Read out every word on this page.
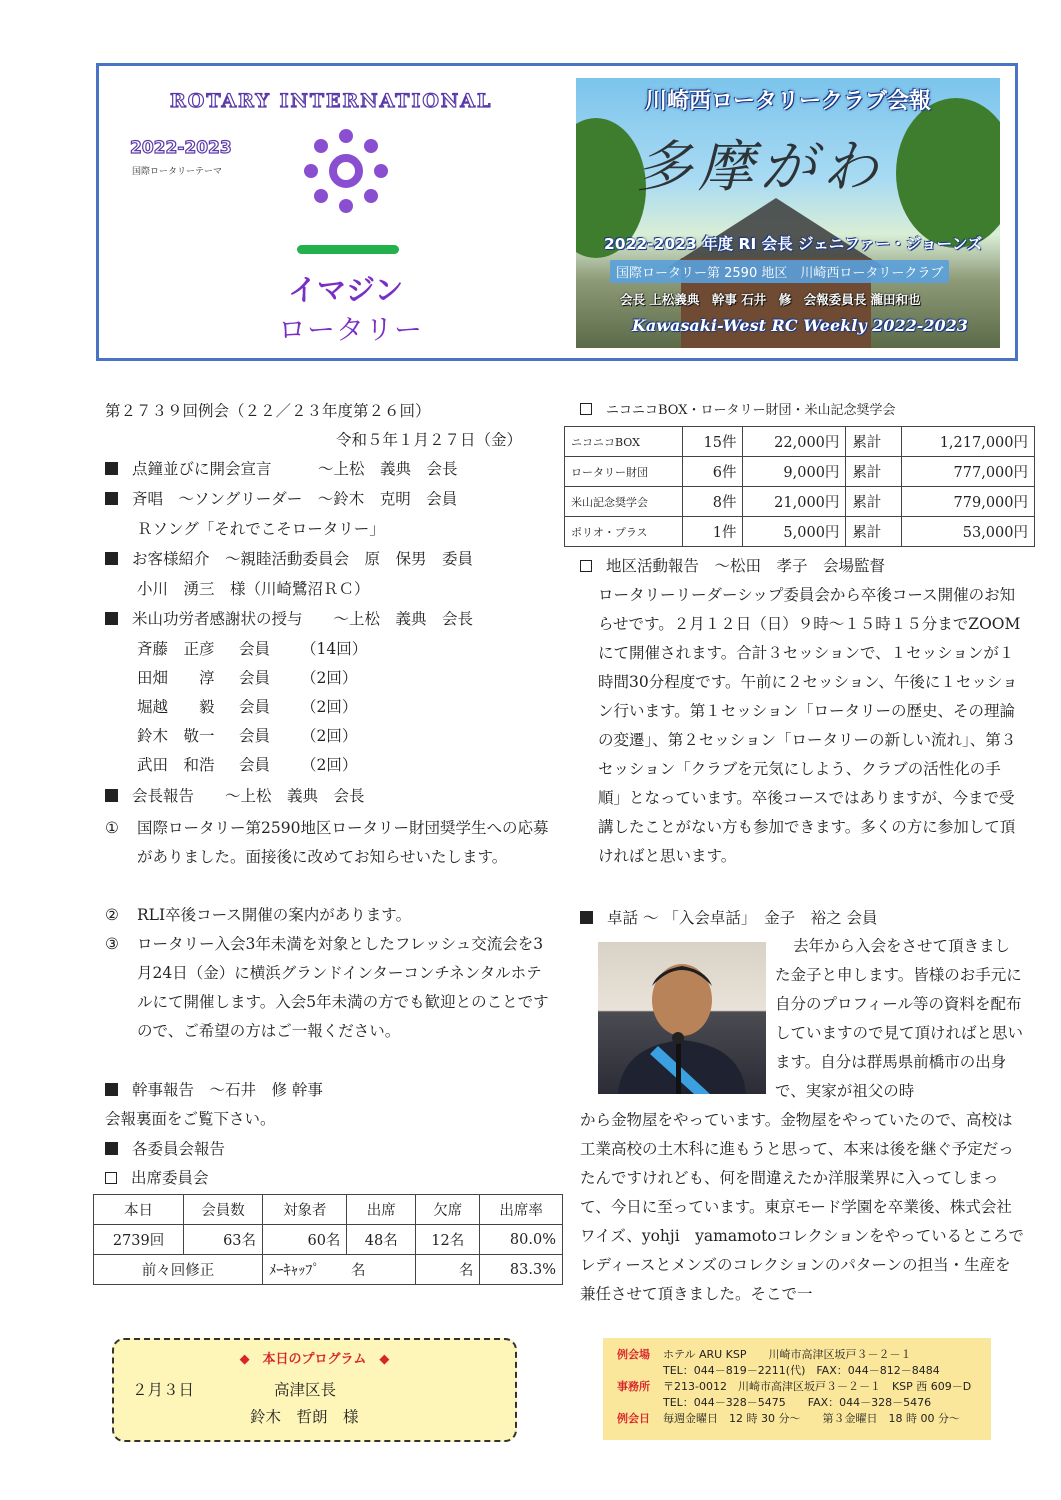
ROTARY INTERNATIONAL
2022-2023
国際ロータリーテーマ
イマジン
ロータリー
川崎西ロータリークラブ会報
多摩がわ
2022-2023 年度 RI 会長 ジェニファー・ジョーンズ
国際ロータリー第 2590 地区　川崎西ロータリークラブ
会長 上松義典　幹事 石井　修　会報委員長 瀧田和也
Kawasaki-West RC Weekly 2022-2023
第２７３９回例会（２２／２３年度第２６回）
令和５年１月２７日（金）
点鐘並びに開会宣言　　　～上松　義典　会長
斉唱　～ソングリーダー　～鈴木　克明　会員
Ｒソング「それでこそロータリー」
お客様紹介　～親睦活動委員会　原　保男　委員
小川　湧三　様（川崎鷺沼ＲＣ）
米山功労者感謝状の授与　　～上松　義典　会長
斉藤　正彦 会員 （14回）
田畑　　淳 会員 （2回）
堀越　　毅 会員 （2回）
鈴木　敬一 会員 （2回）
武田　和浩 会員 （2回）
会長報告　　～上松　義典　会長
① 国際ロータリー第2590地区ロータリー財団奨学生への応募がありました。面接後に改めてお知らせいたします。
② RLI卒後コース開催の案内があります。
③ ロータリー入会3年未満を対象としたフレッシュ交流会を3月24日（金）に横浜グランドインターコンチネンタルホテルにて開催します。入会5年未満の方でも歓迎とのことですので、ご希望の方はご一報ください。
幹事報告　～石井　修 幹事
会報裏面をご覧下さい。
各委員会報告
出席委員会
本日	会員数	対象者	出席	欠席	出席率
2739回	63名	60名	48名	12名	80.0%
前々回修正		ﾒｰｷｬｯﾌﾟ 名		名	83.3%
ニコニコBOX・ロータリー財団・米山記念奨学会
ニコニコBOX	15件	22,000円	累計	1,217,000円
ロータリー財団	6件	9,000円	累計	777,000円
米山記念奨学会	8件	21,000円	累計	779,000円
ポリオ・プラス	1件	5,000円	累計	53,000円
地区活動報告　～松田　孝子　会場監督
ロータリーリーダーシップ委員会から卒後コース開催のお知らせです。２月１２日（日）９時～１５時１５分までZOOMにて開催されます。合計３セッションで、１セッションが１時間30分程度です。午前に２セッション、午後に１セッション行います。第１セッション「ロータリーの歴史、その理論の変遷」、第２セッション「ロータリーの新しい流れ」、第３セッション「クラブを元気にしよう、クラブの活性化の手順」となっています。卒後コースではありますが、今まで受講したことがない方も参加できます。多くの方に参加して頂ければと思います。
卓話 ～ 「入会卓話」　金子　裕之 会員
去年から入会をさせて頂きました金子と申します。皆様のお手元に自分のプロフィール等の資料を配布していますので見て頂ければと思います。自分は群馬県前橋市の出身で、実家が祖父の時
から金物屋をやっています。金物屋をやっていたので、高校は工業高校の土木科に進もうと思って、本来は後を継ぐ予定だったんですけれども、何を間違えたか洋服業界に入ってしまって、今日に至っています。東京モード学園を卒業後、株式会社ワイズ、yohji　yamamotoコレクションをやっているところでレディースとメンズのコレクションのパターンの担当・生産を兼任させて頂きました。そこで一
◆　本日のプログラム　◆
２月３日	高津区長
鈴木　哲朗　様
例会場 ホテル ARU KSP　　川崎市高津区坂戸３－２－１
TEL：044－819－2211(代)　FAX：044－812－8484
事務所 〒213-0012　川崎市高津区坂戸３－２－１　KSP 西 609－D
TEL：044－328－5475　　FAX：044－328－5476
例会日 毎週金曜日　12 時 30 分～　　第３金曜日　18 時 00 分～
